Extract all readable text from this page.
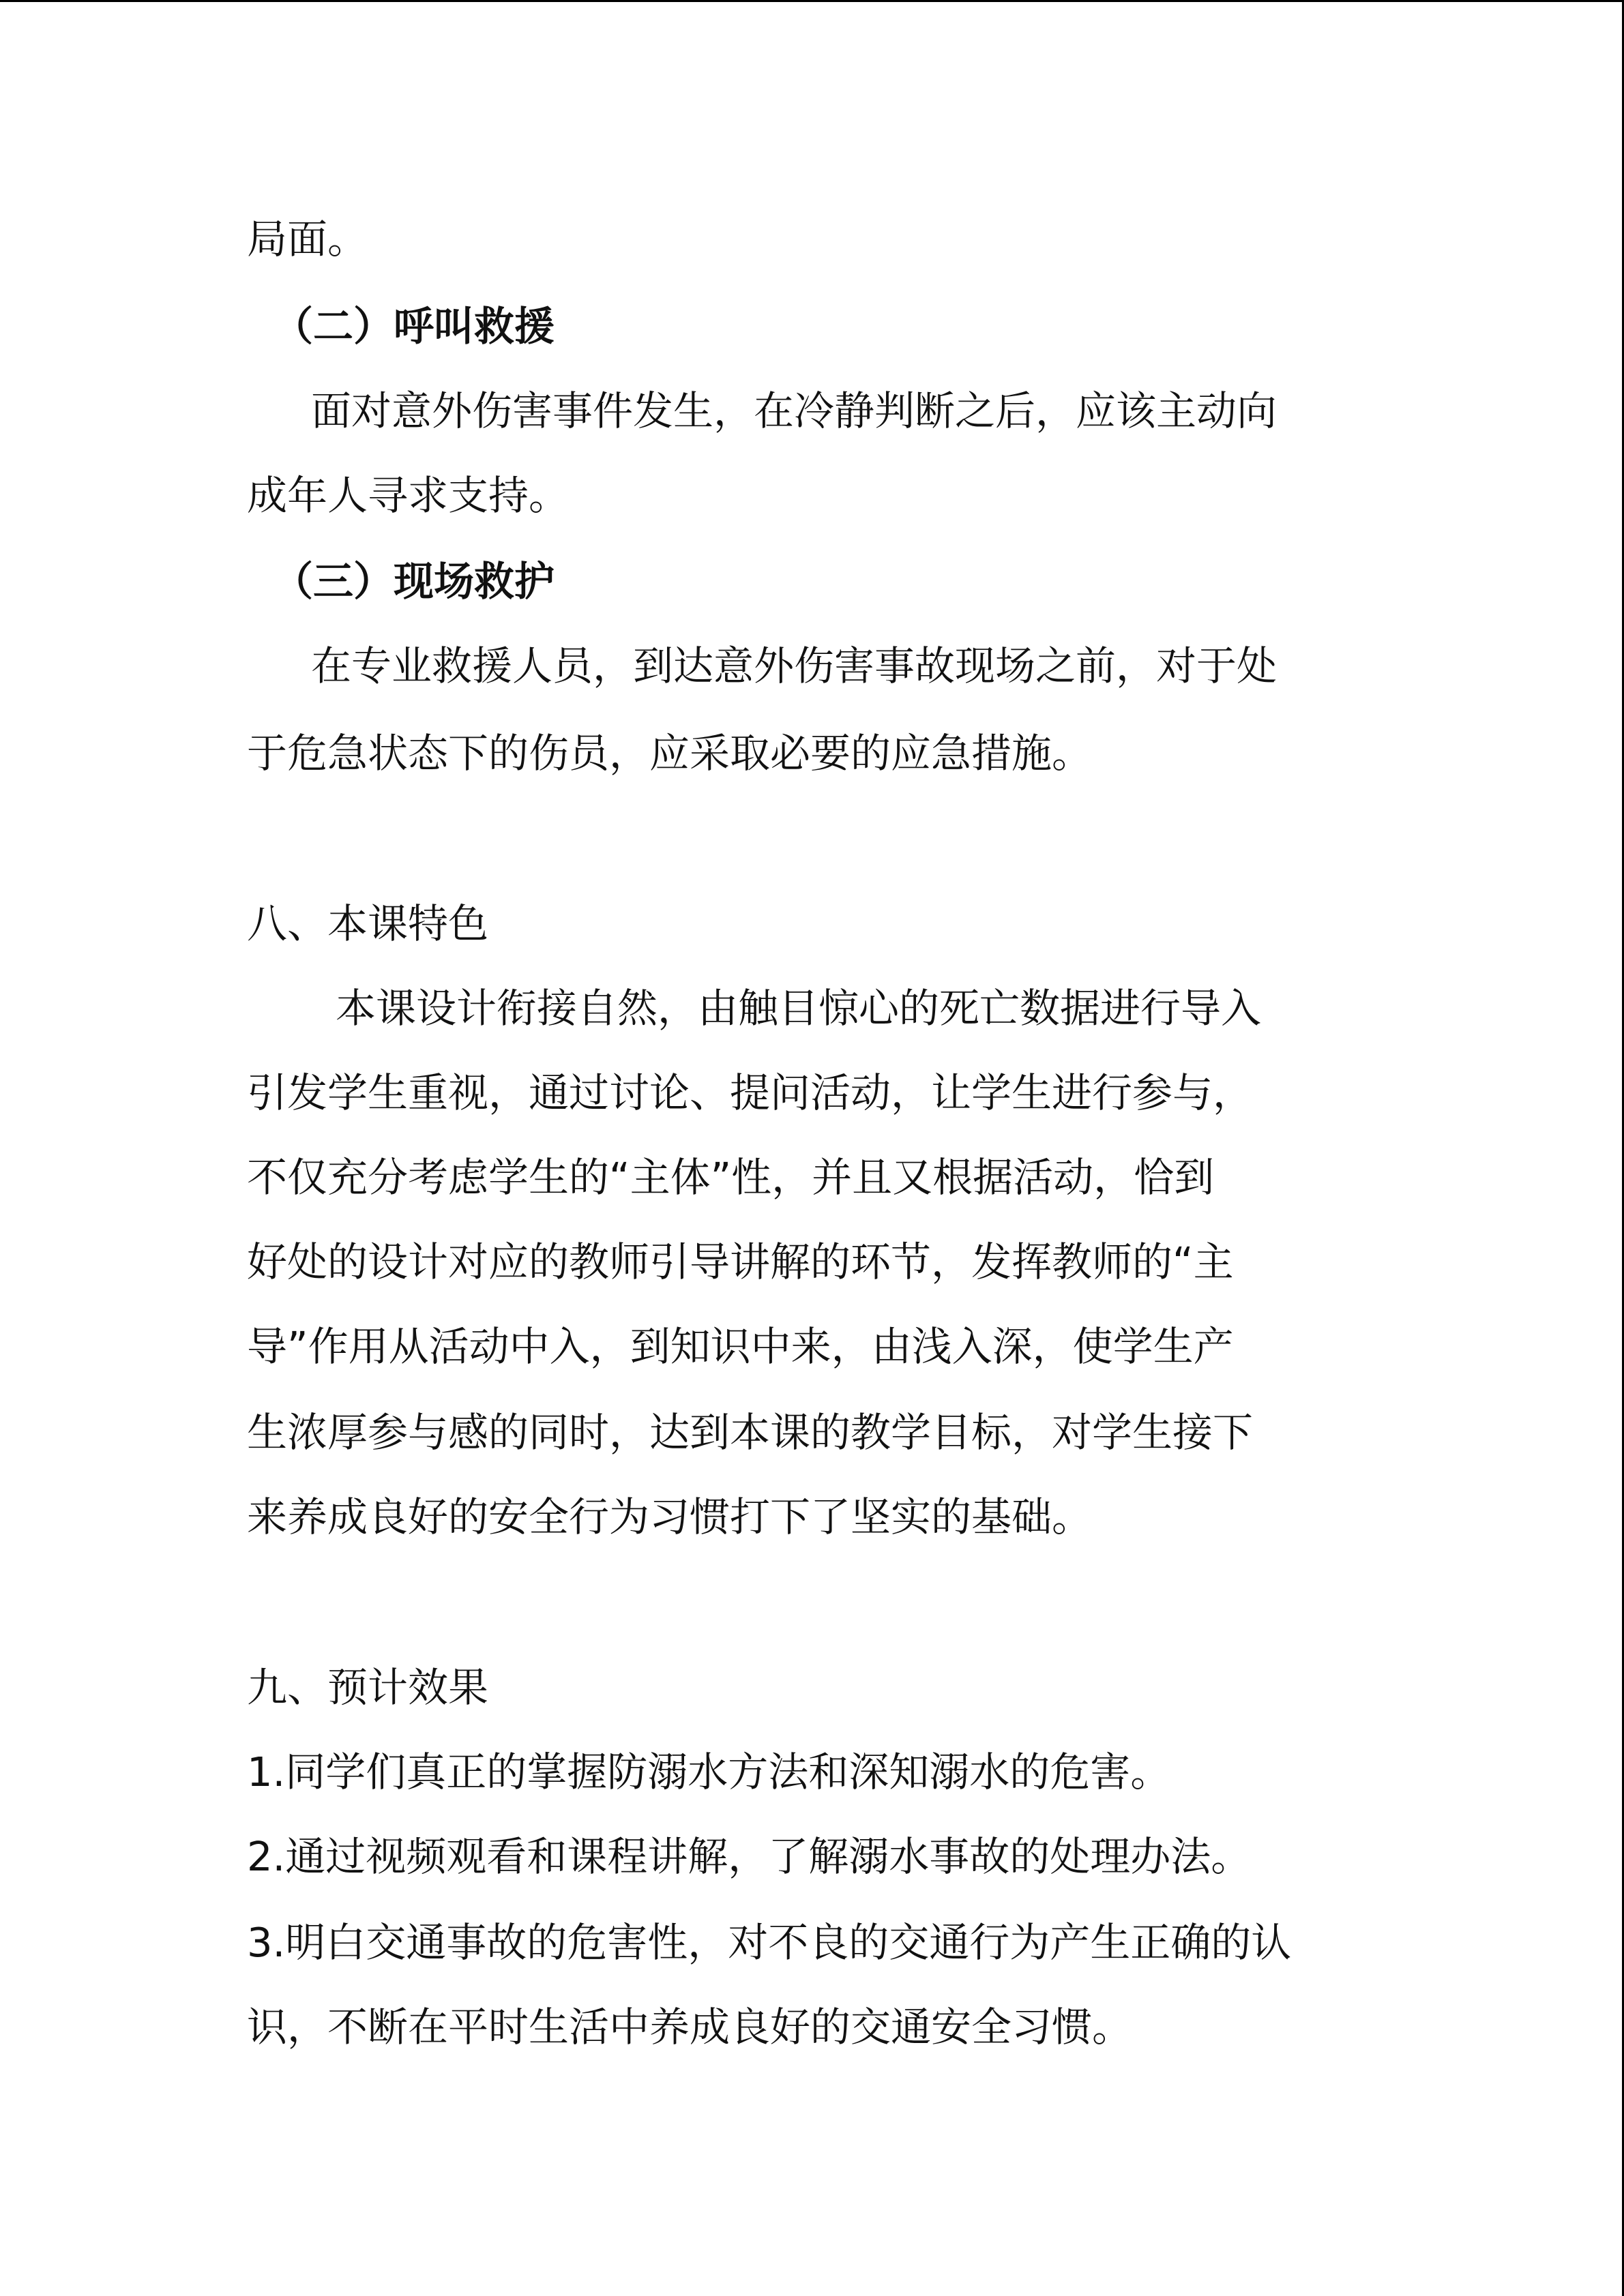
局面。

（二）呼叫救援

面对意外伤害事件发生，在冷静判断之后，应该主动向

成年人寻求支持。

（三）现场救护

在专业救援人员，到达意外伤害事故现场之前，对于处

于危急状态下的伤员，应采取必要的应急措施。

八、本课特色

本课设计衔接自然，由触目惊心的死亡数据进行导入

引发学生重视，通过讨论、提问活动，让学生进行参与，

不仅充分考虑学生的“主体”性，并且又根据活动，恰到

好处的设计对应的教师引导讲解的环节，发挥教师的“主

导”作用从活动中入，到知识中来，由浅入深，使学生产

生浓厚参与感的同时，达到本课的教学目标，对学生接下

来养成良好的安全行为习惯打下了坚实的基础。

九、预计效果

1.同学们真正的掌握防溺水方法和深知溺水的危害。

2.通过视频观看和课程讲解，了解溺水事故的处理办法。

3.明白交通事故的危害性，对不良的交通行为产生正确的认

识，不断在平时生活中养成良好的交通安全习惯。
